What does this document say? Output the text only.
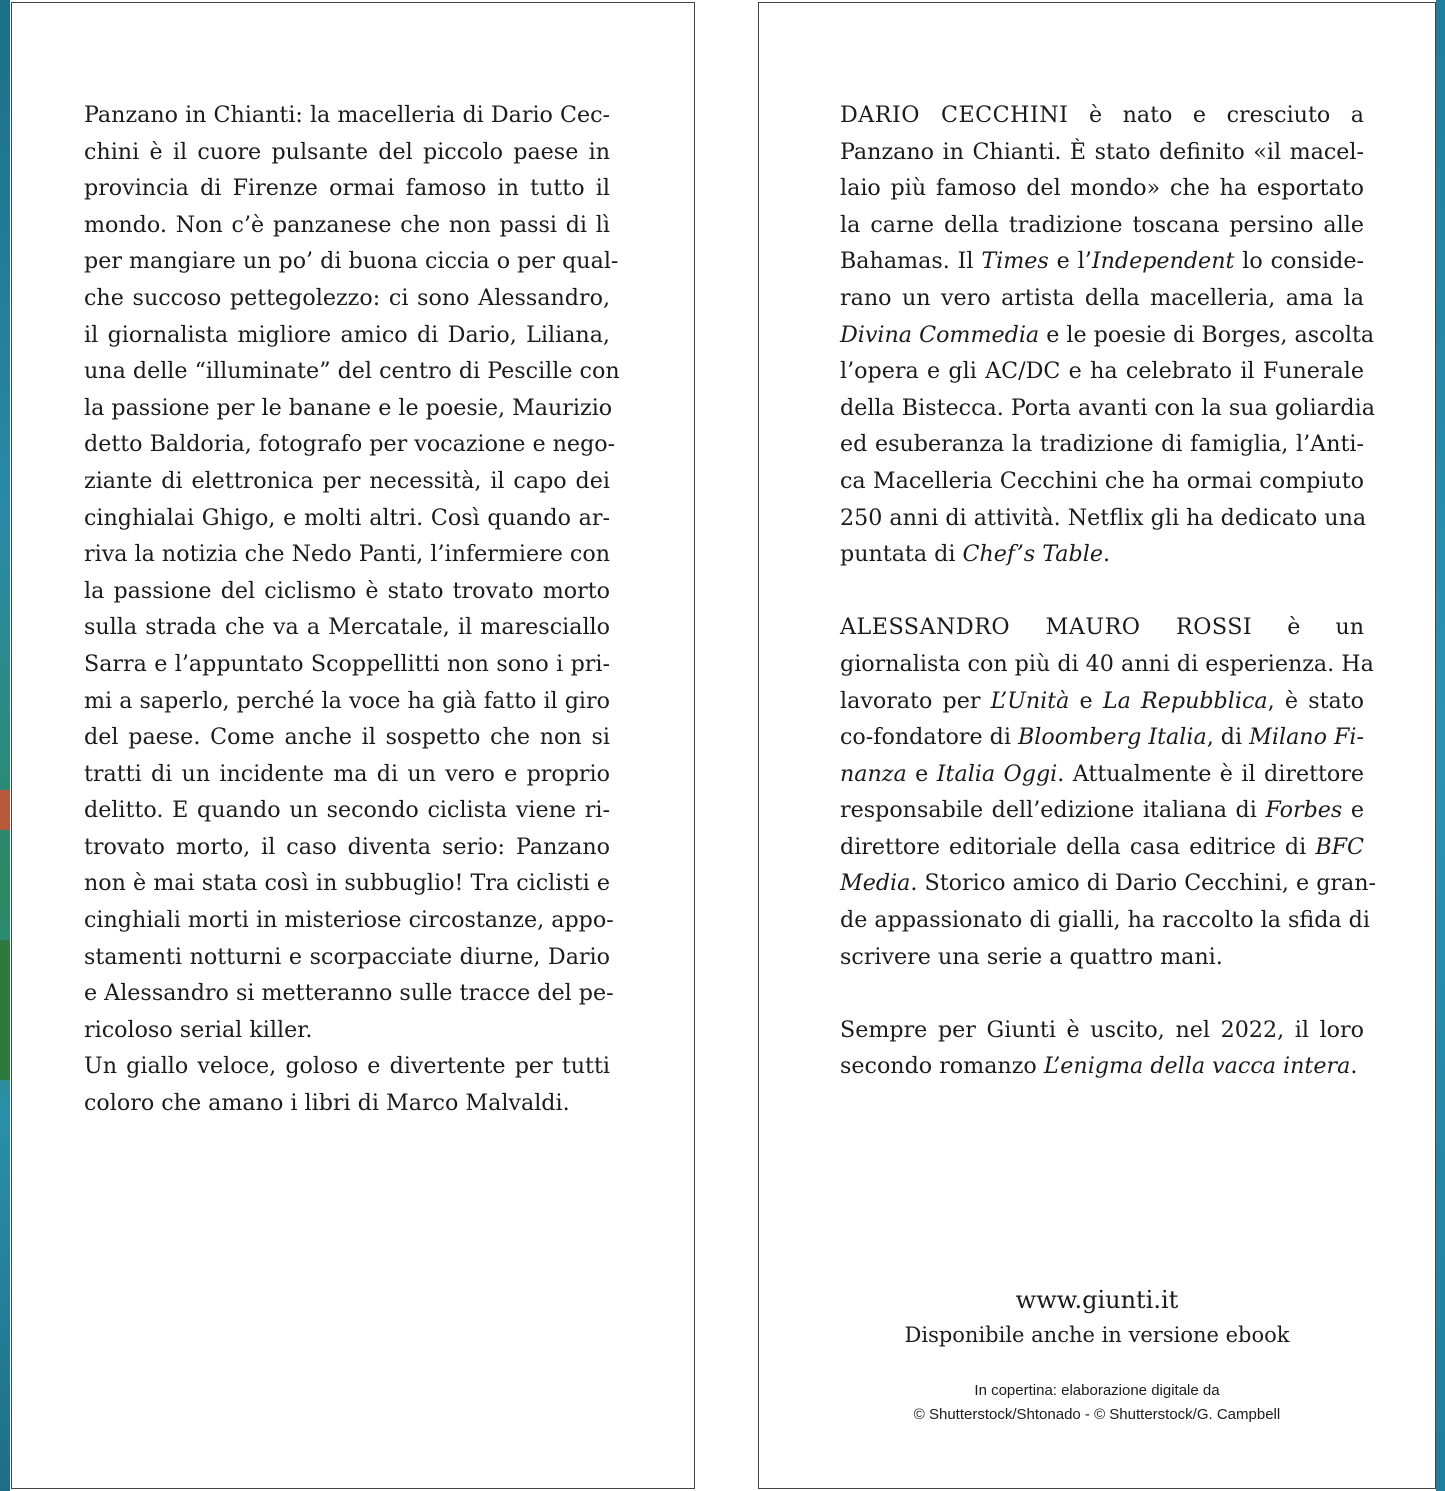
Panzano in Chianti: la macelleria di Dario Cec-
chini è il cuore pulsante del piccolo paese in
provincia di Firenze ormai famoso in tutto il
mondo. Non c’è panzanese che non passi di lì
per mangiare un po’ di buona ciccia o per qual-
che succoso pettegolezzo: ci sono Alessandro,
il giornalista migliore amico di Dario, Liliana,
una delle “illuminate” del centro di Pescille con
la passione per le banane e le poesie, Maurizio
detto Baldoria, fotografo per vocazione e nego-
ziante di elettronica per necessità, il capo dei
cinghialai Ghigo, e molti altri. Così quando ar-
riva la notizia che Nedo Panti, l’infermiere con
la passione del ciclismo è stato trovato morto
sulla strada che va a Mercatale, il maresciallo
Sarra e l’appuntato Scoppellitti non sono i pri-
mi a saperlo, perché la voce ha già fatto il giro
del paese. Come anche il sospetto che non si
tratti di un incidente ma di un vero e proprio
delitto. E quando un secondo ciclista viene ri-
trovato morto, il caso diventa serio: Panzano
non è mai stata così in subbuglio! Tra ciclisti e
cinghiali morti in misteriose circostanze, appo-
stamenti notturni e scorpacciate diurne, Dario
e Alessandro si metteranno sulle tracce del pe-
ricoloso serial killer.
Un giallo veloce, goloso e divertente per tutti
coloro che amano i libri di Marco Malvaldi.
DARIO CECCHINI è nato e cresciuto a
Panzano in Chianti. È stato definito «il macel-
laio più famoso del mondo» che ha esportato
la carne della tradizione toscana persino alle
Bahamas. Il Times e l’Independent lo conside-
rano un vero artista della macelleria, ama la
Divina Commedia e le poesie di Borges, ascolta
l’opera e gli AC/DC e ha celebrato il Funerale
della Bistecca. Porta avanti con la sua goliardia
ed esuberanza la tradizione di famiglia, l’Anti-
ca Macelleria Cecchini che ha ormai compiuto
250 anni di attività. Netflix gli ha dedicato una
puntata di Chef’s Table.
ALESSANDRO MAURO ROSSI è un
giornalista con più di 40 anni di esperienza. Ha
lavorato per L’Unità e La Repubblica, è stato
co-fondatore di Bloomberg Italia, di Milano Fi-
nanza e Italia Oggi. Attualmente è il direttore
responsabile dell’edizione italiana di Forbes e
direttore editoriale della casa editrice di BFC
Media. Storico amico di Dario Cecchini, e gran-
de appassionato di gialli, ha raccolto la sfida di
scrivere una serie a quattro mani.
Sempre per Giunti è uscito, nel 2022, il loro
secondo romanzo L’enigma della vacca intera.
www.giunti.it
Disponibile anche in versione ebook
In copertina: elaborazione digitale da
© Shutterstock/Shtonado - © Shutterstock/G. Campbell
